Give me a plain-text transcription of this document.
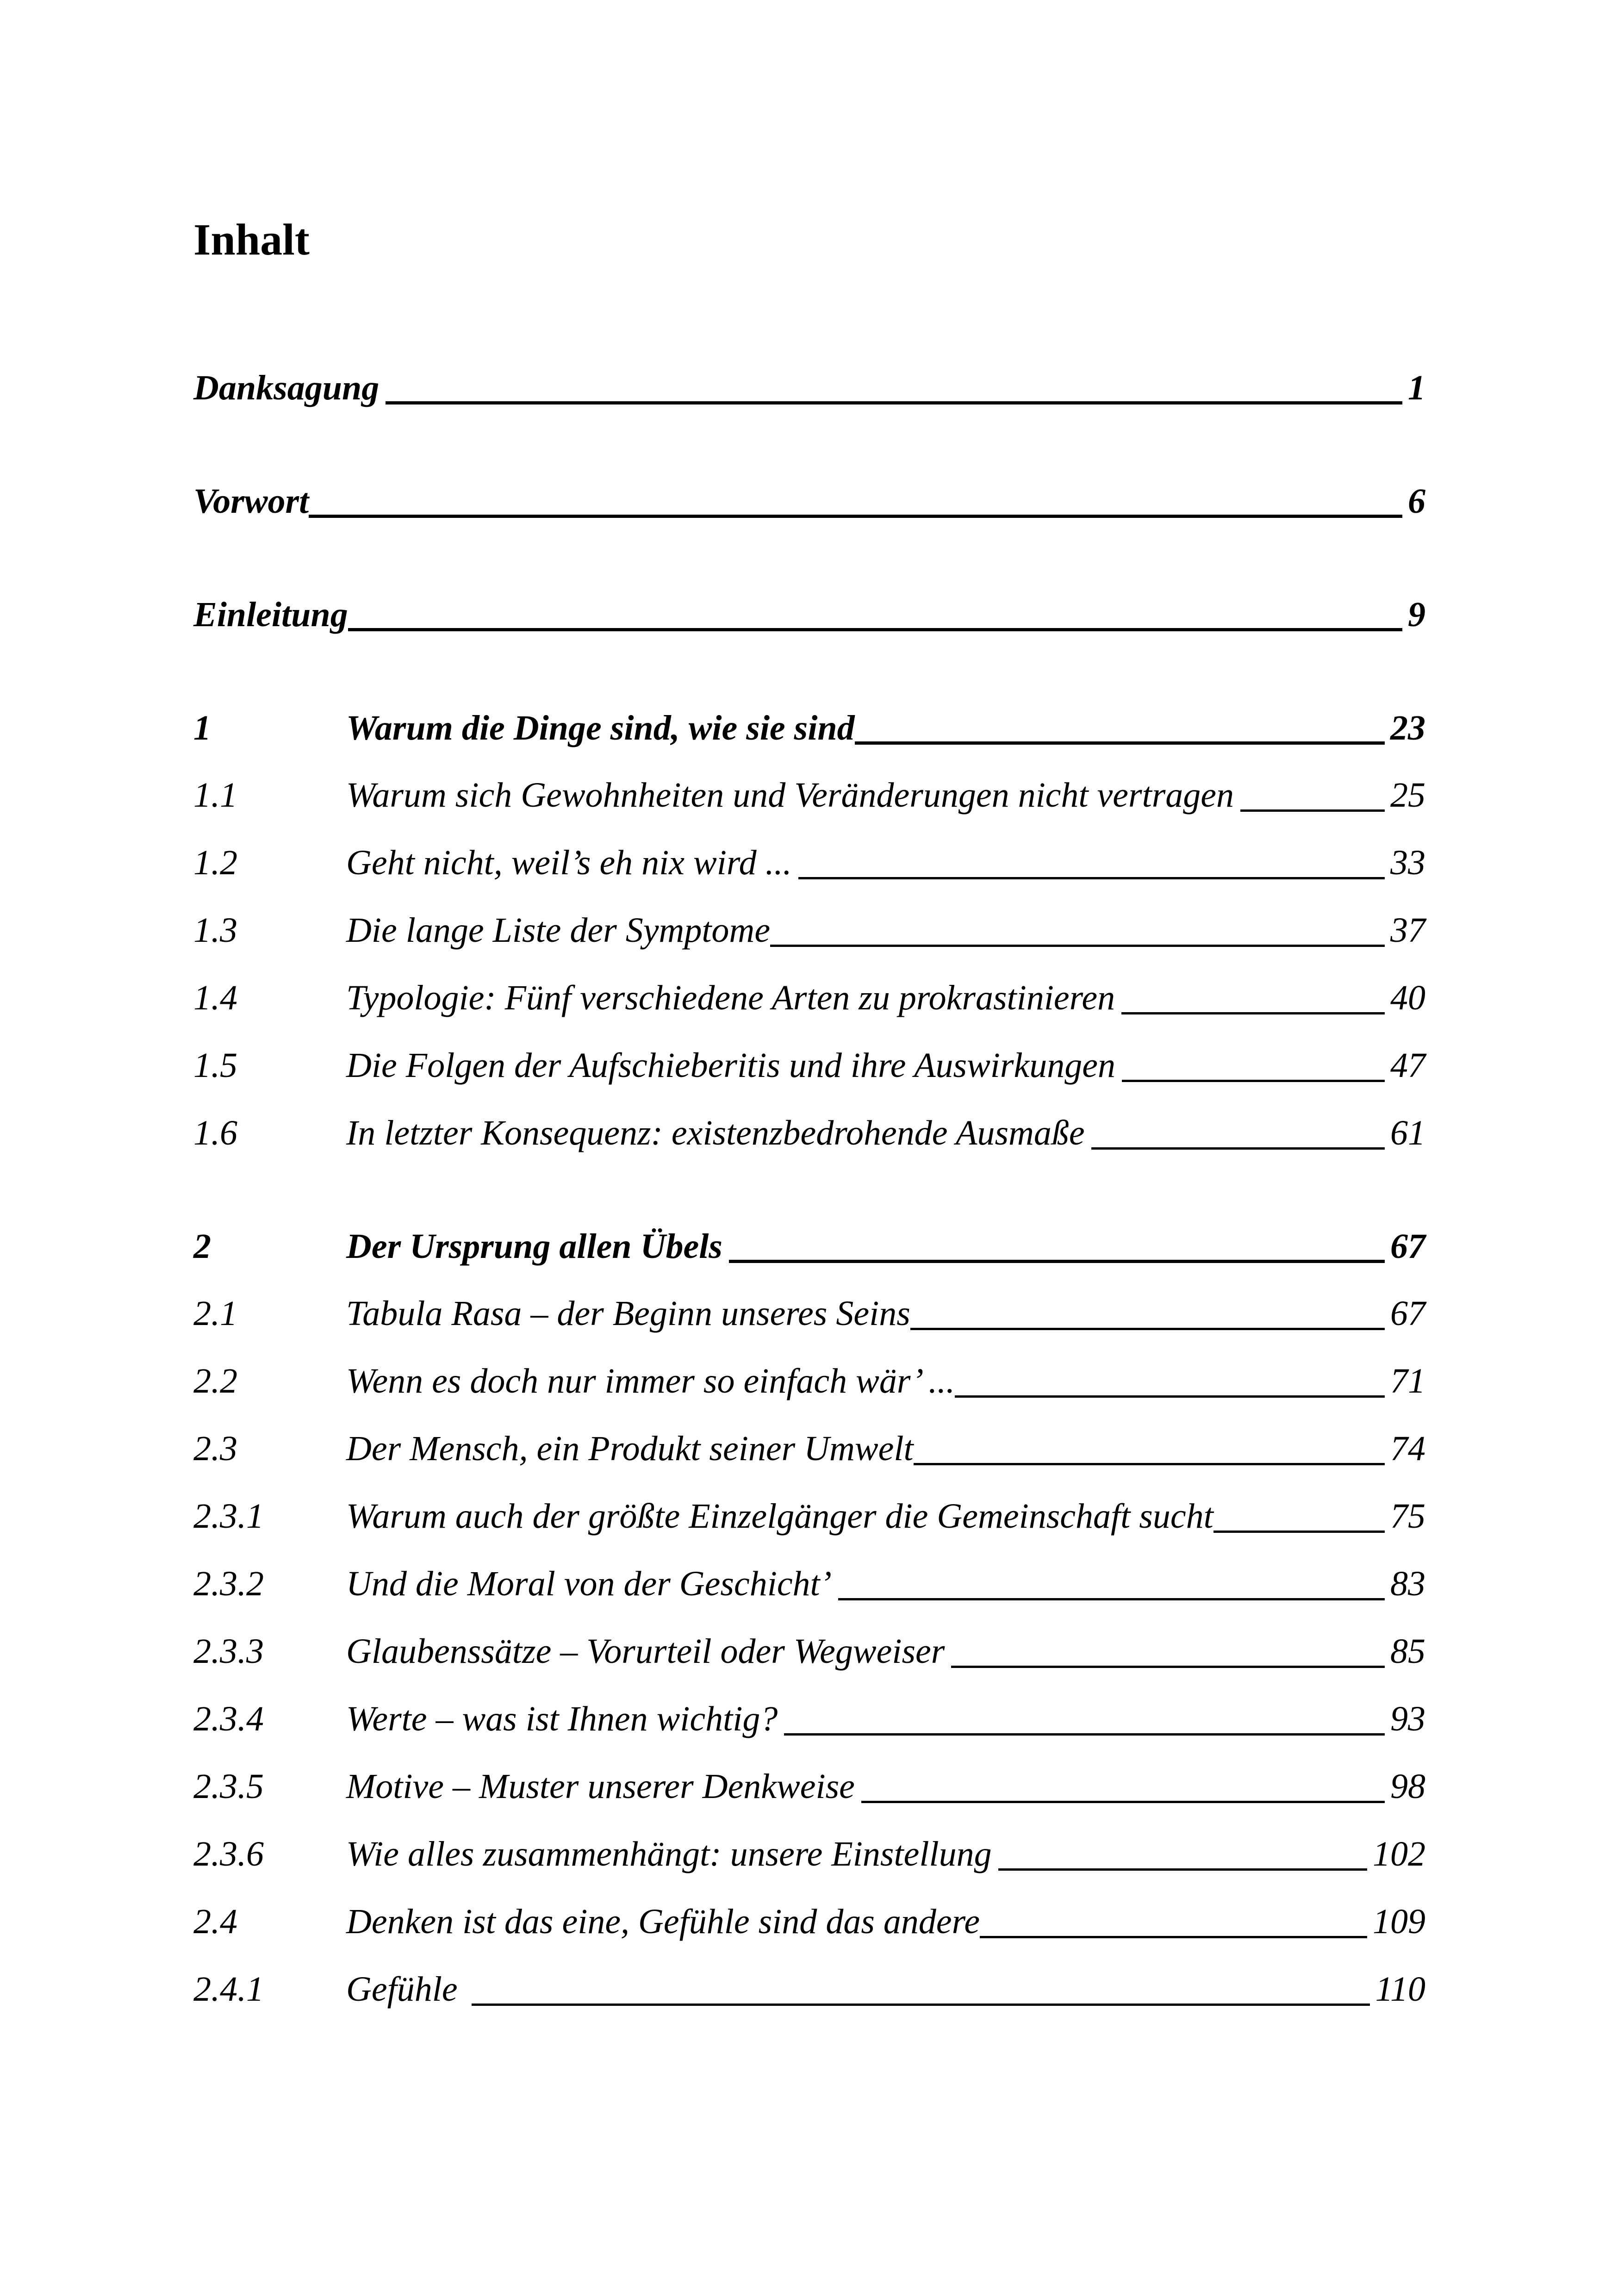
Inhalt
Danksagung	1
Vorwort	6
Einleitung	9
1	Warum die Dinge sind, wie sie sind	23
1.1	Warum sich Gewohnheiten und Veränderungen nicht vertragen	25
1.2	Geht nicht, weil’s eh nix wird ...	33
1.3	Die lange Liste der Symptome	37
1.4	Typologie: Fünf verschiedene Arten zu prokrastinieren	40
1.5	Die Folgen der Aufschieberitis und ihre Auswirkungen	47
1.6	In letzter Konsequenz: existenzbedrohende Ausmaße	61
2	Der Ursprung allen Übels	67
2.1	Tabula Rasa – der Beginn unseres Seins	67
2.2	Wenn es doch nur immer so einfach wär’ ...	71
2.3	Der Mensch, ein Produkt seiner Umwelt	74
2.3.1	Warum auch der größte Einzelgänger die Gemeinschaft sucht	75
2.3.2	Und die Moral von der Geschicht’	83
2.3.3	Glaubenssätze – Vorurteil oder Wegweiser	85
2.3.4	Werte – was ist Ihnen wichtig?	93
2.3.5	Motive – Muster unserer Denkweise	98
2.3.6	Wie alles zusammenhängt: unsere Einstellung	102
2.4	Denken ist das eine, Gefühle sind das andere	109
2.4.1	Gefühle	110
